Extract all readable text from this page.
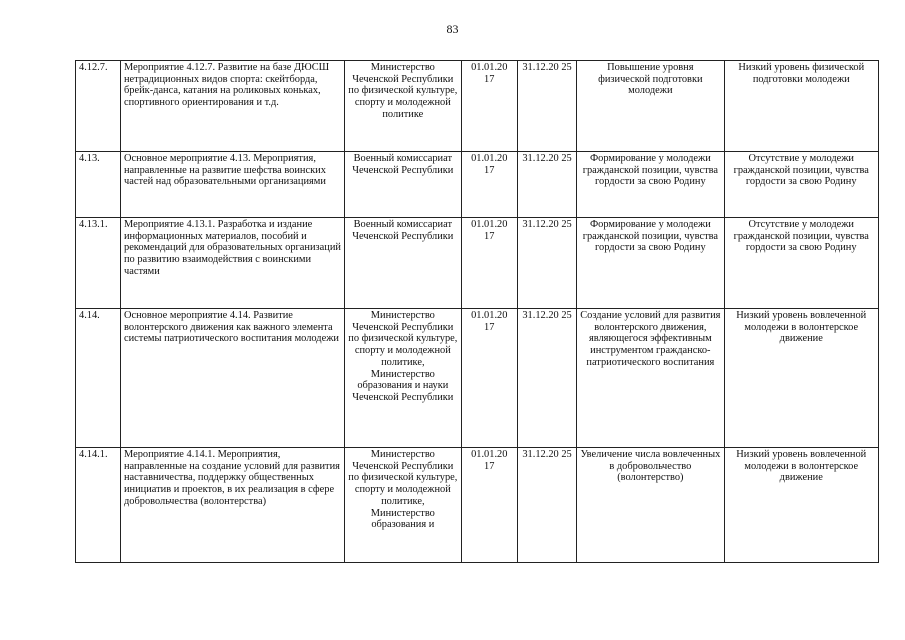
83
4.12.7.	Мероприятие 4.12.7. Развитие на базе ДЮСШ нетрадиционных видов спорта: скейтборда, брейк-данса, катания на роликовых коньках, спортивного ориентирования и т.д.	Министерство Чеченской Республики по физической культуре, спорту и молодежной политике	01.01.20 17	31.12.20 25	Повышение уровня физической подготовки молодежи	Низкий уровень физической подготовки молодежи
4.13.	Основное мероприятие 4.13. Мероприятия, направленные на развитие шефства воинских частей над образовательными организациями	Военный комиссариат Чеченской Республики	01.01.20 17	31.12.20 25	Формирование у молодежи гражданской позиции, чувства гордости за свою Родину	Отсутствие у молодежи гражданской позиции, чувства гордости за свою Родину
4.13.1.	Мероприятие 4.13.1. Разработка и издание информационных материалов, пособий и рекомендаций для образовательных организаций по развитию взаимодействия с воинскими частями	Военный комиссариат Чеченской Республики	01.01.20 17	31.12.20 25	Формирование у молодежи гражданской позиции, чувства гордости за свою Родину	Отсутствие у молодежи гражданской позиции, чувства гордости за свою Родину
4.14.	Основное мероприятие 4.14. Развитие волонтерского движения как важного элемента системы патриотического воспитания молодежи	Министерство Чеченской Республики по физической культуре, спорту и молодежной политике, Министерство образования и науки Чеченской Республики	01.01.20 17	31.12.20 25	Создание условий для развития волонтерского движения, являющегося эффективным инструментом гражданско-патриотического воспитания	Низкий уровень вовлеченной молодежи в волонтерское движение
4.14.1.	Мероприятие 4.14.1. Мероприятия, направленные на создание условий для развития наставничества, поддержку общественных инициатив и проектов, в их реализация в сфере добровольчества (волонтерства)	Министерство Чеченской Республики по физической культуре, спорту и молодежной политике, Министерство образования и	01.01.20 17	31.12.20 25	Увеличение числа вовлеченных в добровольчество (волонтерство)	Низкий уровень вовлеченной молодежи в волонтерское движение
